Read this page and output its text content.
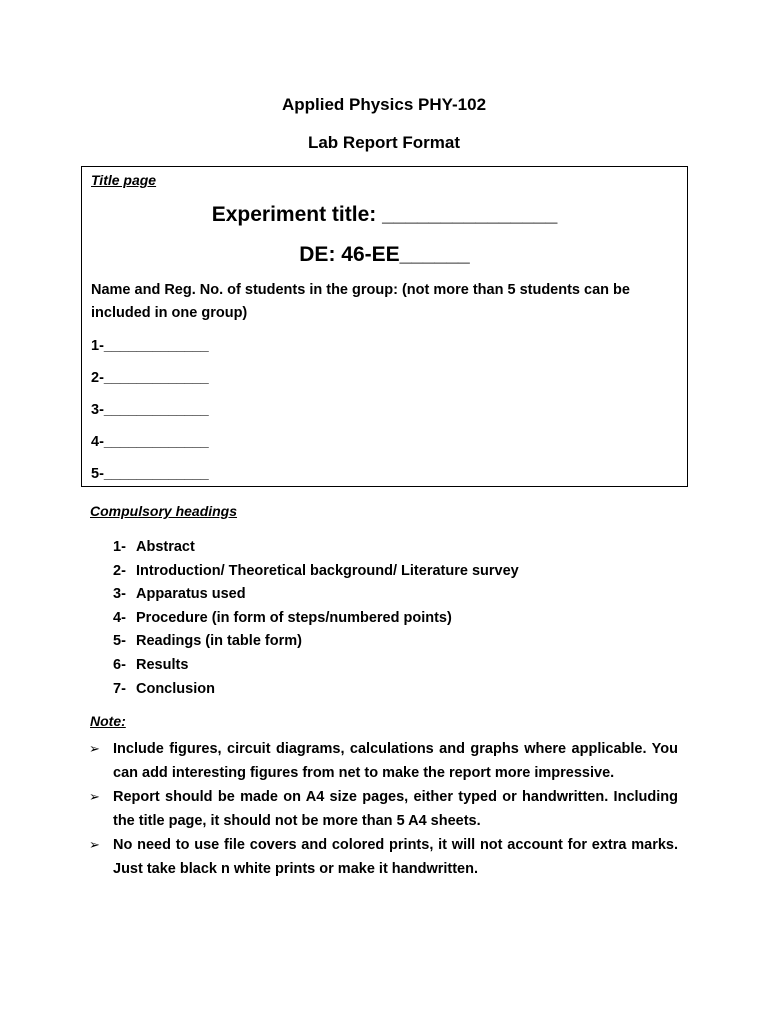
Applied Physics PHY-102
Lab Report Format
Title page
Experiment title: _______________
DE: 46-EE______
Name and Reg. No. of students in the group: (not more than 5 students can be included in one group)
1-_____________
2-_____________
3-_____________
4-_____________
5-_____________
Compulsory headings
1- Abstract
2- Introduction/ Theoretical background/ Literature survey
3- Apparatus used
4- Procedure (in form of steps/numbered points)
5- Readings (in table form)
6- Results
7- Conclusion
Note:
➢ Include figures, circuit diagrams, calculations and graphs where applicable. You can add interesting figures from net to make the report more impressive.
➢ Report should be made on A4 size pages, either typed or handwritten. Including the title page, it should not be more than 5 A4 sheets.
➢ No need to use file covers and colored prints, it will not account for extra marks. Just take black n white prints or make it handwritten.
